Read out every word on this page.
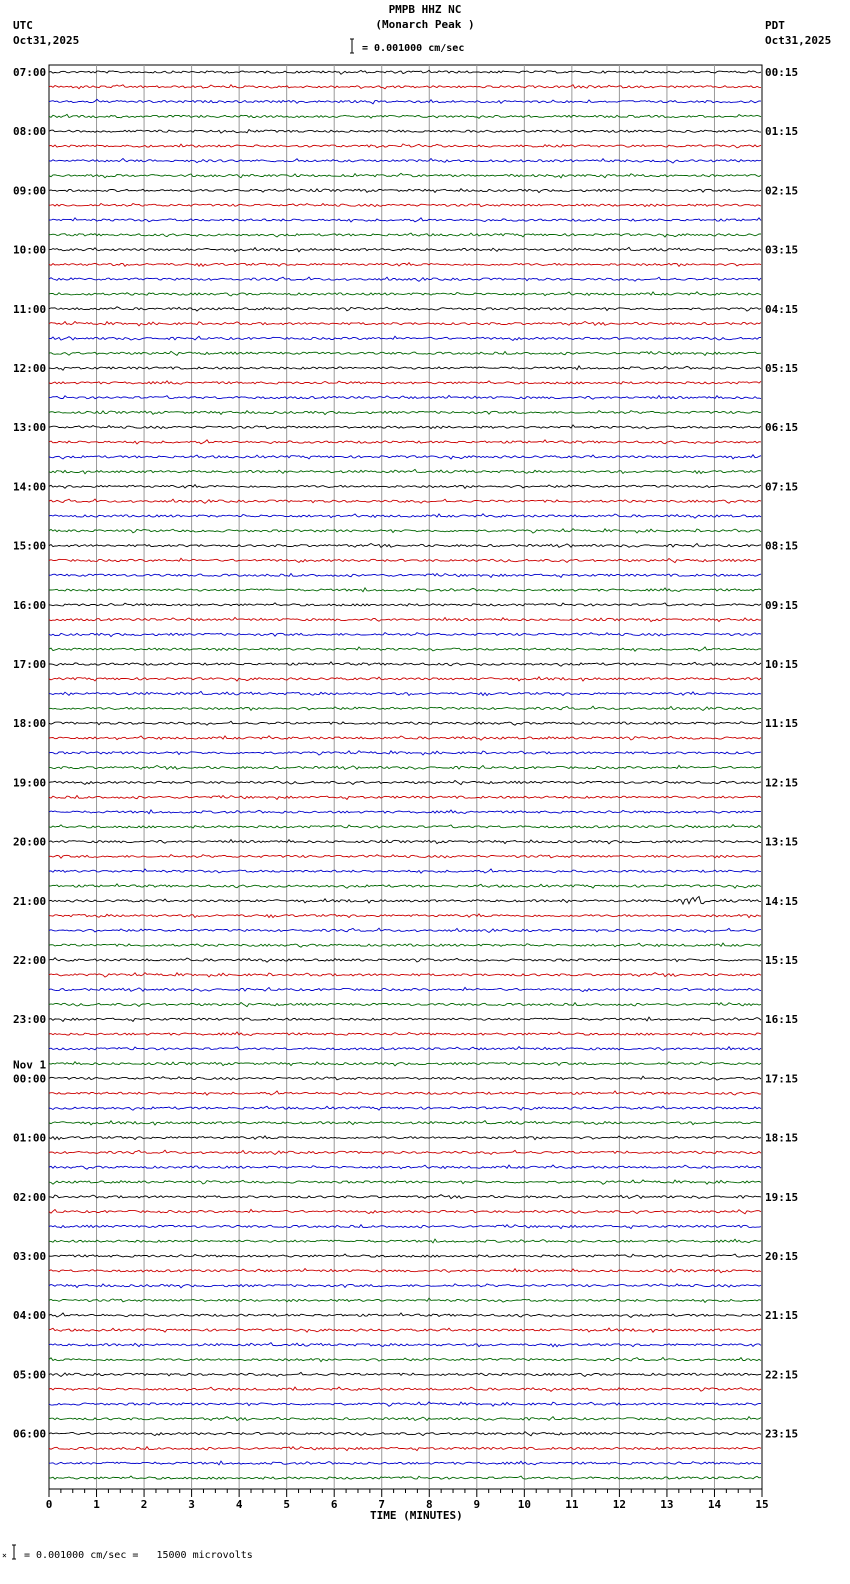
PMPB HHZ NC
(Monarch Peak )
UTC
Oct31,2025
PDT
Oct31,2025
= 0.001000 cm/sec
TIME (MINUTES)
= 0.001000 cm/sec =   15000 microvolts
07:00
08:00
09:00
10:00
11:00
12:00
13:00
14:00
15:00
16:00
17:00
18:00
19:00
20:00
21:00
22:00
23:00
00:00
Nov 1
01:00
02:00
03:00
04:00
05:00
06:00
00:15
01:15
02:15
03:15
04:15
05:15
06:15
07:15
08:15
09:15
10:15
11:15
12:15
13:15
14:15
15:15
16:15
17:15
18:15
19:15
20:15
21:15
22:15
23:15
0	1	2	3	4	5	6	7	8	9	10	11	12	13	14	15
×
